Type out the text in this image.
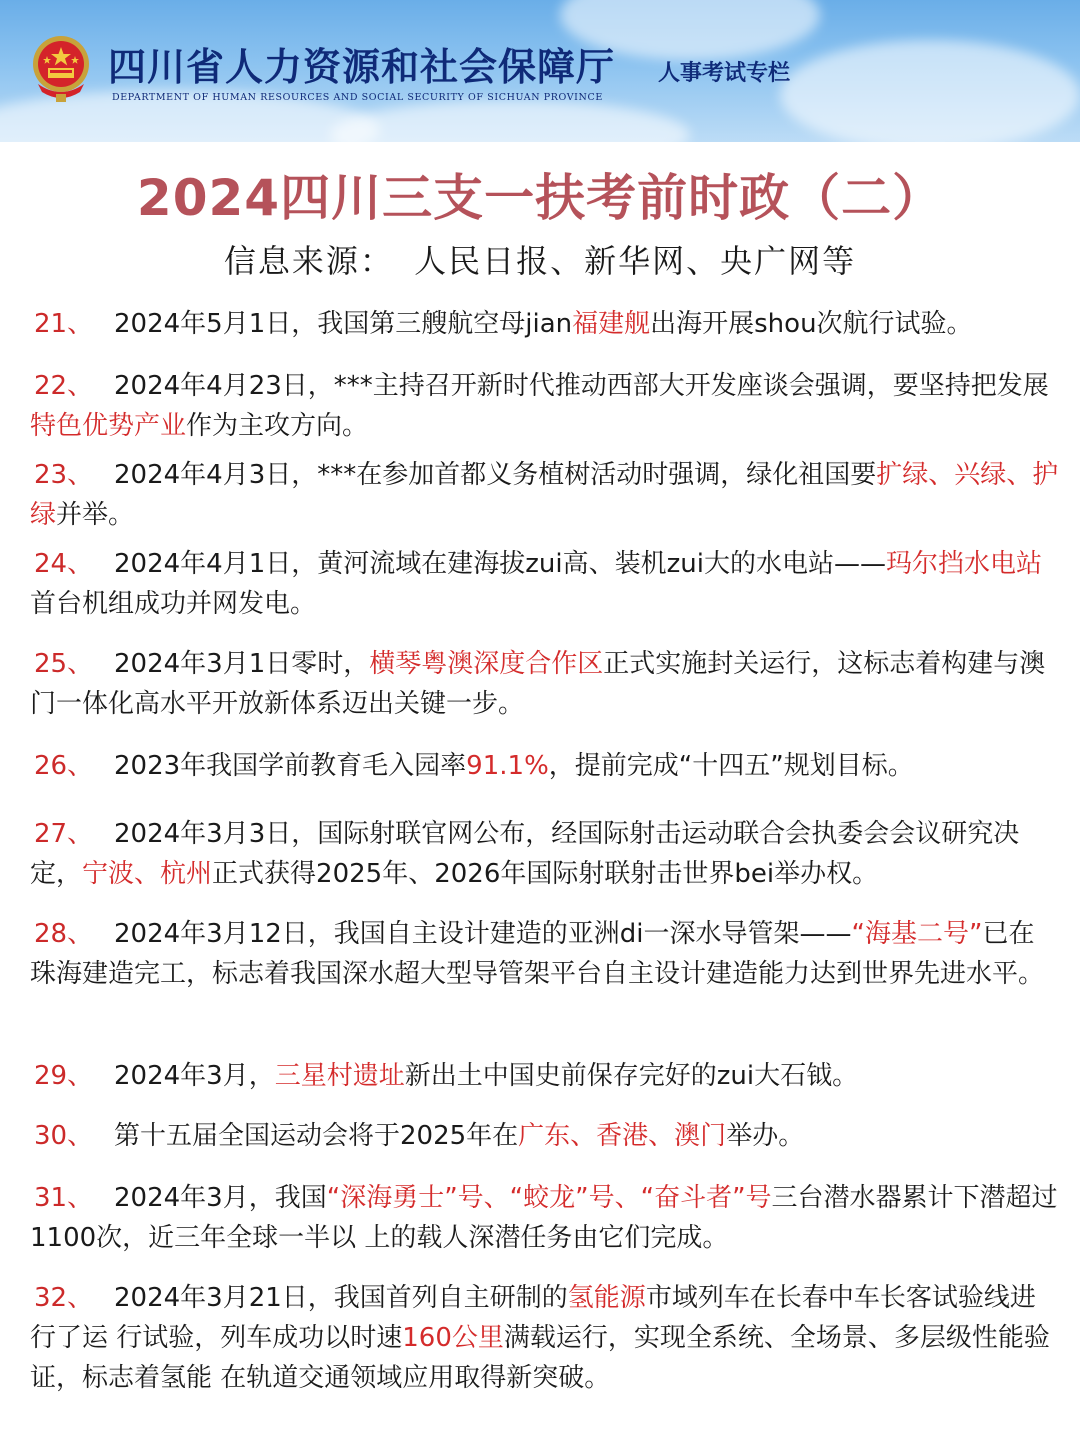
四川省人力资源和社会保障厅
DEPARTMENT OF HUMAN RESOURCES AND SOCIAL SECURITY OF SICHUAN PROVINCE
人事考试专栏
2024四川三支一扶考前时政（二）
信息来源： 人民日报、新华网、央广网等
21、 2024年5月1日，我国第三艘航空母jian福建舰出海开展shou次航行试验。
22、 2024年4月23日，***主持召开新时代推动西部大开发座谈会强调，要坚持把发展特色优势产业作为主攻方向。
23、 2024年4月3日，***在参加首都义务植树活动时强调，绿化祖国要扩绿、兴绿、护绿并举。
24、 2024年4月1日，黄河流域在建海拔zui高、装机zui大的水电站——玛尔挡水电站首台机组成功并网发电。
25、 2024年3月1日零时，横琴粤澳深度合作区正式实施封关运行，这标志着构建与澳门一体化高水平开放新体系迈出关键一步。
26、 2023年我国学前教育毛入园率91.1%，提前完成“十四五”规划目标。
27、 2024年3月3日，国际射联官网公布，经国际射击运动联合会执委会会议研究决定，宁波、杭州正式获得2025年、2026年国际射联射击世界bei举办权。
28、 2024年3月12日，我国自主设计建造的亚洲di一深水导管架——“海基二号”已在珠海建造完工，标志着我国深水超大型导管架平台自主设计建造能力达到世界先进水平。
29、 2024年3月，三星村遗址新出土中国史前保存完好的zui大石钺。
30、 第十五届全国运动会将于2025年在广东、香港、澳门举办。
31、 2024年3月，我国“深海勇士”号、“蛟龙”号、“奋斗者”号三台潜水器累计下潜超过1100次，近三年全球一半以 上的载人深潜任务由它们完成。
32、 2024年3月21日，我国首列自主研制的氢能源市域列车在长春中车长客试验线进行了运 行试验，列车成功以时速160公里满载运行，实现全系统、全场景、多层级性能验证，标志着氢能 在轨道交通领域应用取得新突破。
